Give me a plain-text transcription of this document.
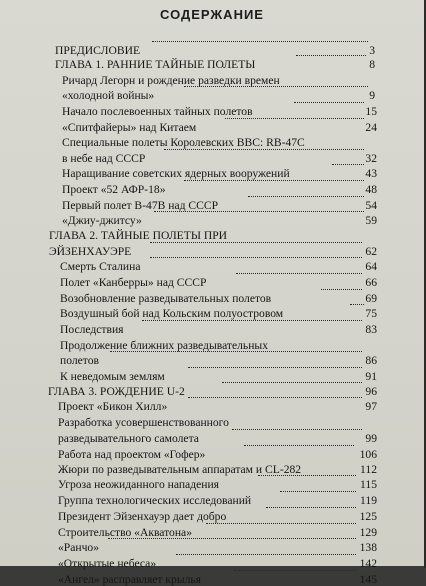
СОДЕРЖАНИЕ
ПРЕДИСЛОВИЕ	3
ГЛАВА 1. РАННИЕ ТАЙНЫЕ ПОЛЕТЫ	8
Ричард Легорн и рождение разведки времен
«холодной войны»	9
Начало послевоенных тайных полетов	15
«Спитфайеры» над Китаем	24
Специальные полеты Королевских ВВС: RB-47C
в небе над СССР	32
Наращивание советских ядерных вооружений	43
Проект «52 АФР-18»	48
Первый полет В-47В над СССР	54
«Джиу-джитсу»	59
ГЛАВА 2. ТАЙНЫЕ ПОЛЕТЫ ПРИ
ЭЙЗЕНХАУЭРЕ	62
Смерть Сталина	64
Полет «Канберры» над СССР	66
Возобновление разведывательных полетов	69
Воздушный бой над Кольским полуостровом	75
Последствия	83
Продолжение ближних разведывательных
полетов	86
К неведомым землям	91
ГЛАВА 3. РОЖДЕНИЕ U-2	96
Проект «Бикон Хилл»	97
Разработка усовершенствованного
разведывательного самолета	99
Работа над проектом «Гофер»	106
Жюри по разведывательным аппаратам и CL-282	112
Угроза неожиданного нападения	115
Группа технологических исследований	119
Президент Эйзенхауэр дает добро	125
Строительство «Акватона»	129
«Ранчо»	138
«Открытые небеса»	142
«Ангел» расправляет крылья	145
